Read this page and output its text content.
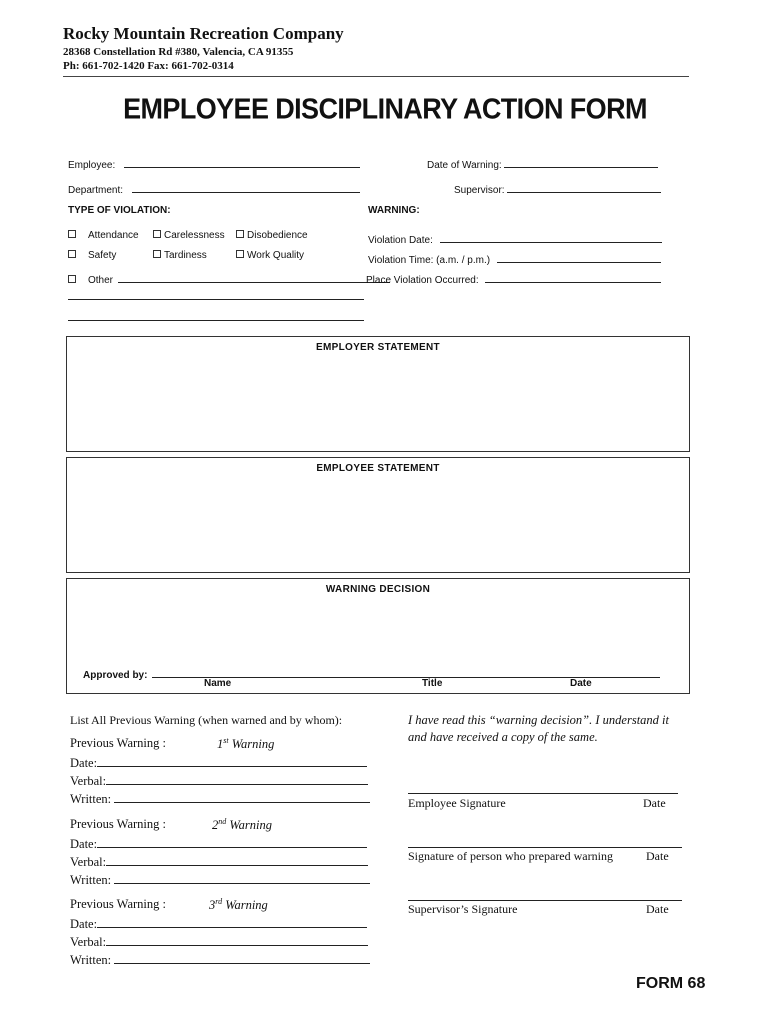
Rocky Mountain Recreation Company
28368 Constellation Rd #380, Valencia, CA 91355
Ph: 661-702-1420 Fax: 661-702-0314
EMPLOYEE DISCIPLINARY ACTION FORM
Employee:	Date of Warning:
Department:	Supervisor:
TYPE OF VIOLATION:	WARNING:
Attendance	Carelessness	Disobedience
Safety	Tardiness	Work Quality
Other
Violation Date:
Violation Time: (a.m. / p.m.)
Place Violation Occurred:
EMPLOYER STATEMENT
EMPLOYEE STATEMENT
WARNING DECISION
Approved by:
Name	Title	Date
List All Previous Warning (when warned and by whom):
Previous Warning :	1st Warning
Date:
Verbal:
Written:
Previous Warning :	2nd Warning
Date:
Verbal:
Written:
Previous Warning :	3rd Warning
Date:
Verbal:
Written:
I have read this “warning decision”. I understand it and have received a copy of the same.
Employee Signature	Date
Signature of person who prepared warning	Date
Supervisor’s Signature	Date
FORM 68
